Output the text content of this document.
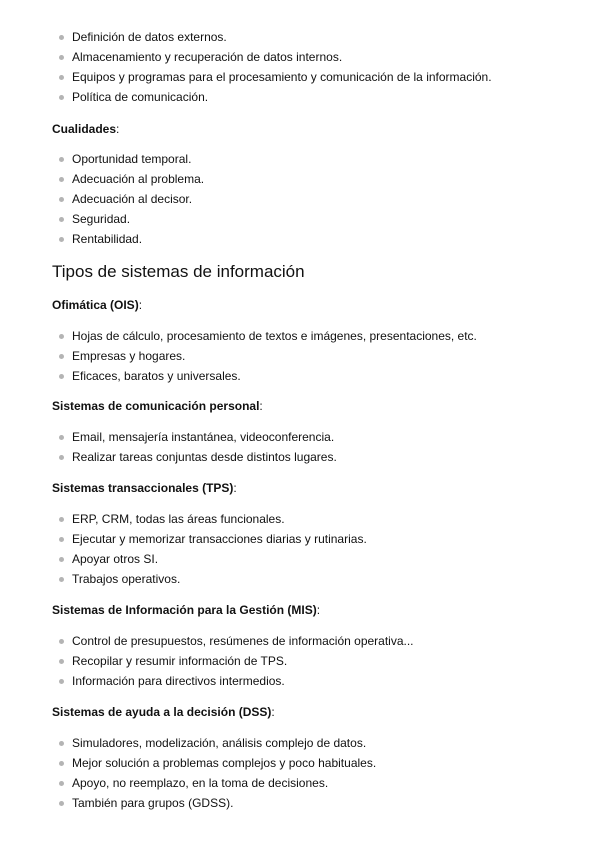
Definición de datos externos.
Almacenamiento y recuperación de datos internos.
Equipos y programas para el procesamiento y comunicación de la información.
Política de comunicación.
Cualidades:
Oportunidad temporal.
Adecuación al problema.
Adecuación al decisor.
Seguridad.
Rentabilidad.
Tipos de sistemas de información
Ofimática (OIS):
Hojas de cálculo, procesamiento de textos e imágenes, presentaciones, etc.
Empresas y hogares.
Eficaces, baratos y universales.
Sistemas de comunicación personal:
Email, mensajería instantánea, videoconferencia.
Realizar tareas conjuntas desde distintos lugares.
Sistemas transaccionales (TPS):
ERP, CRM, todas las áreas funcionales.
Ejecutar y memorizar transacciones diarias y rutinarias.
Apoyar otros SI.
Trabajos operativos.
Sistemas de Información para la Gestión (MIS):
Control de presupuestos, resúmenes de información operativa...
Recopilar y resumir información de TPS.
Información para directivos intermedios.
Sistemas de ayuda a la decisión (DSS):
Simuladores, modelización, análisis complejo de datos.
Mejor solución a problemas complejos y poco habituales.
Apoyo, no reemplazo, en la toma de decisiones.
También para grupos (GDSS).
